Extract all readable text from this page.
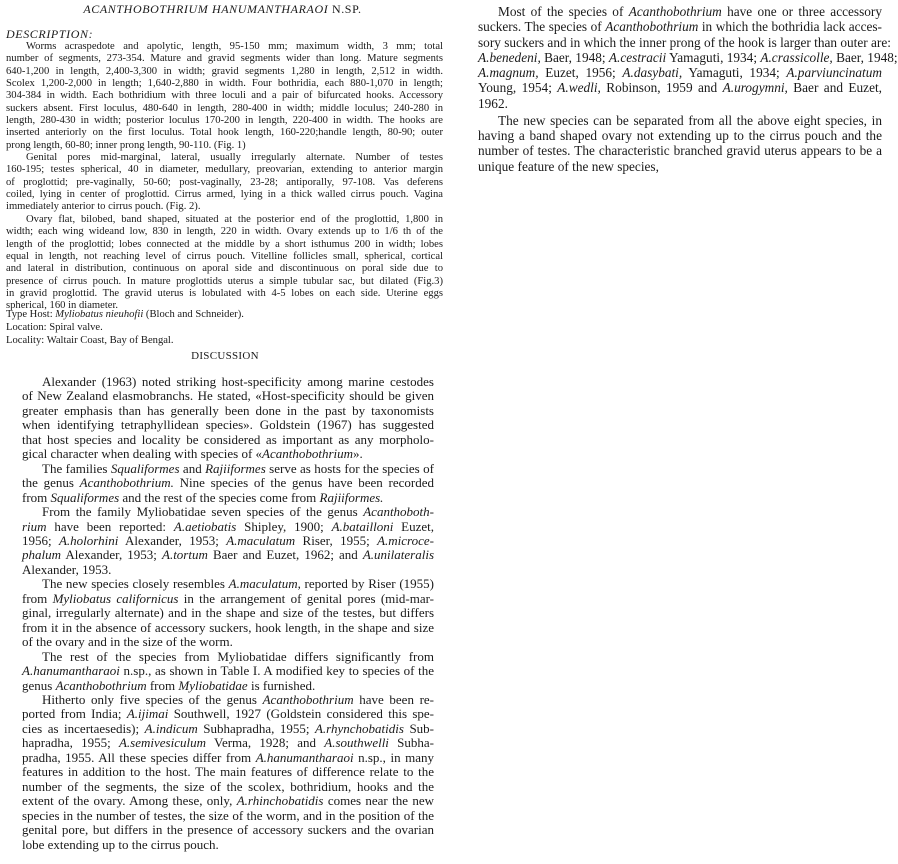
ACANTHOBOTHRIUM HANUMANTHARAOI N.SP.
DESCRIPTION:
Worms acraspedote and apolytic, length, 95-150 mm; maximum width, 3 mm; total
number of segments, 273-354. Mature and gravid segments wider than long. Mature segments
640-1,200 in length, 2,400-3,300 in width; gravid segments 1,280 in length, 2,512 in width.
Scolex 1,200-2,000 in length; 1,640-2,880 in width. Four bothridia, each 880-1,070 in length;
304-384 in width. Each bothridium with three loculi and a pair of bifurcated hooks. Accessory
suckers absent. First loculus, 480-640 in length, 280-400 in width; middle loculus; 240-280 in
length, 280-430 in width; posterior loculus 170-200 in length, 220-400 in width. The hooks are
inserted anteriorly on the first loculus. Total hook length, 160-220;handle length, 80-90; outer
prong length, 60-80; inner prong length, 90-110. (Fig. 1)
Genital pores mid-marginal, lateral, usually irregularly alternate. Number of testes
160-195; testes spherical, 40 in diameter, medullary, preovarian, extending to anterior margin
of proglottid; pre-vaginally, 50-60; post-vaginally, 23-28; antiporally, 97-108. Vas deferens
coiled, lying in center of proglottid. Cirrus armed, lying in a thick walled cirrus pouch. Vagina
immediately anterior to cirrus pouch. (Fig. 2).
Ovary flat, bilobed, band shaped, situated at the posterior end of the proglottid, 1,800 in
width; each wing wideand low, 830 in length, 220 in width. Ovary extends up to 1/6 th of the
length of the proglottid; lobes connected at the middle by a short isthumus 200 in width; lobes
equal in length, not reaching level of cirrus pouch. Vitelline follicles small, spherical, cortical
and lateral in distribution, continuous on aporal side and discontinuous on poral side due to
presence of cirrus pouch. In mature proglottids uterus a simple tubular sac, but dilated (Fig.3)
in gravid proglottid. The gravid uterus is lobulated with 4-5 lobes on each side. Uterine eggs
spherical, 160 in diameter.
Type Host: Myliobatus nieuhofii (Bloch and Schneider).
Location: Spiral valve.
Locality: Waltair Coast, Bay of Bengal.
DISCUSSION
Alexander (1963) noted striking host-specificity among marine cestodes
of New Zealand elasmobranchs. He stated, «Host-specificity should be given
greater emphasis than has generally been done in the past by taxonomists
when identifying tetraphyllidean species». Goldstein (1967) has suggested
that host species and locality be considered as important as any morpholo-
gical character when dealing with species of «Acanthobothrium».
The families Squaliformes and Rajiiformes serve as hosts for the species of
the genus Acanthobothrium. Nine species of the genus have been recorded
from Squaliformes and the rest of the species come from Rajiiformes.
From the family Myliobatidae seven species of the genus Acanthoboth-
rium have been reported: A.aetiobatis Shipley, 1900; A.batailloni Euzet,
1956; A.holorhini Alexander, 1953; A.maculatum Riser, 1955; A.microce-
phalum Alexander, 1953; A.tortum Baer and Euzet, 1962; and A.unilateralis
Alexander, 1953.
The new species closely resembles A.maculatum, reported by Riser (1955)
from Myliobatus californicus in the arrangement of genital pores (mid-mar-
ginal, irregularly alternate) and in the shape and size of the testes, but differs
from it in the absence of accessory suckers, hook length, in the shape and size
of the ovary and in the size of the worm.
The rest of the species from Myliobatidae differs significantly from
A.hanumantharaoi n.sp., as shown in Table I. A modified key to species of the
genus Acanthobothrium from Myliobatidae is furnished.
Hitherto only five species of the genus Acanthobothrium have been re-
ported from India; A.ijimai Southwell, 1927 (Goldstein considered this spe-
cies as incertaesedis); A.indicum Subhapradha, 1955; A.rhynchobatidis Sub-
hapradha, 1955; A.semivesiculum Verma, 1928; and A.southwelli Subha-
pradha, 1955. All these species differ from A.hanumantharaoi n.sp., in many
features in addition to the host. The main features of difference relate to the
number of the segments, the size of the scolex, bothridium, hooks and the
extent of the ovary. Among these, only, A.rhinchobatidis comes near the new
species in the number of testes, the size of the worm, and in the position of the
genital pore, but differs in the presence of accessory suckers and the ovarian
lobe extending up to the cirrus pouch.
Most of the species of Acanthobothrium have one or three accessory
suckers. The species of Acanthobothrium in which the bothridia lack acces-
sory suckers and in which the inner prong of the hook is larger than outer are:
A.benedeni, Baer, 1948; A.cestracii Yamaguti, 1934; A.crassicolle, Baer, 1948;
A.magnum, Euzet, 1956; A.dasybati, Yamaguti, 1934; A.parviuncinatum
Young, 1954; A.wedli, Robinson, 1959 and A.urogymni, Baer and Euzet,
1962.
The new species can be separated from all the above eight species, in
having a band shaped ovary not extending up to the cirrus pouch and the
number of testes. The characteristic branched gravid uterus appears to be a
unique feature of the new species,
